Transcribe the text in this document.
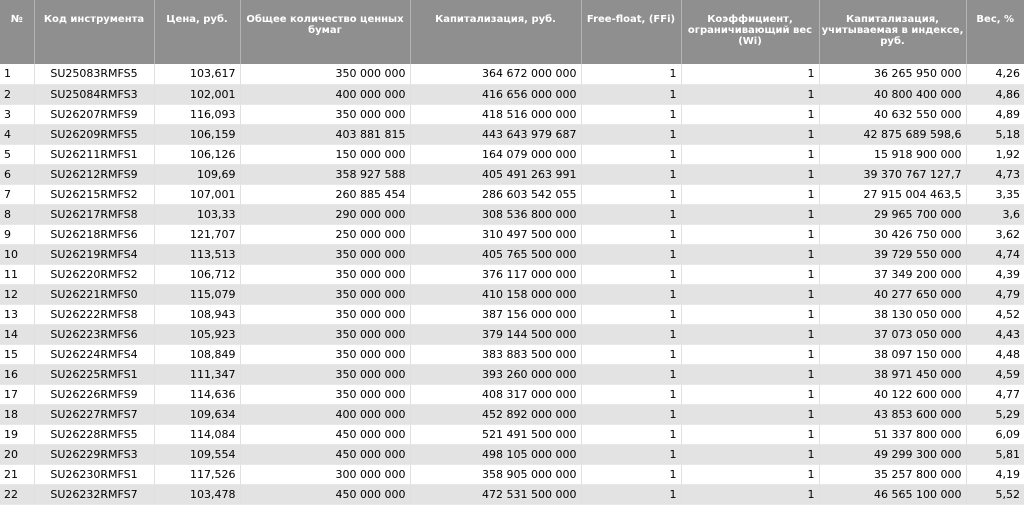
№	Код инструмента	Цена, руб.	Общее количество ценных бумаг	Капитализация, руб.	Free-float, (FFi)	Коэффициент, ограничивающий вес (Wi)	Капитализация, учитываемая в индексе, руб.	Вес, %
1	SU25083RMFS5	103,617	350 000 000	364 672 000 000	1	1	36 265 950 000	4,26
2	SU25084RMFS3	102,001	400 000 000	416 656 000 000	1	1	40 800 400 000	4,86
3	SU26207RMFS9	116,093	350 000 000	418 516 000 000	1	1	40 632 550 000	4,89
4	SU26209RMFS5	106,159	403 881 815	443 643 979 687	1	1	42 875 689 598,6	5,18
5	SU26211RMFS1	106,126	150 000 000	164 079 000 000	1	1	15 918 900 000	1,92
6	SU26212RMFS9	109,69	358 927 588	405 491 263 991	1	1	39 370 767 127,7	4,73
7	SU26215RMFS2	107,001	260 885 454	286 603 542 055	1	1	27 915 004 463,5	3,35
8	SU26217RMFS8	103,33	290 000 000	308 536 800 000	1	1	29 965 700 000	3,6
9	SU26218RMFS6	121,707	250 000 000	310 497 500 000	1	1	30 426 750 000	3,62
10	SU26219RMFS4	113,513	350 000 000	405 765 500 000	1	1	39 729 550 000	4,74
11	SU26220RMFS2	106,712	350 000 000	376 117 000 000	1	1	37 349 200 000	4,39
12	SU26221RMFS0	115,079	350 000 000	410 158 000 000	1	1	40 277 650 000	4,79
13	SU26222RMFS8	108,943	350 000 000	387 156 000 000	1	1	38 130 050 000	4,52
14	SU26223RMFS6	105,923	350 000 000	379 144 500 000	1	1	37 073 050 000	4,43
15	SU26224RMFS4	108,849	350 000 000	383 883 500 000	1	1	38 097 150 000	4,48
16	SU26225RMFS1	111,347	350 000 000	393 260 000 000	1	1	38 971 450 000	4,59
17	SU26226RMFS9	114,636	350 000 000	408 317 000 000	1	1	40 122 600 000	4,77
18	SU26227RMFS7	109,634	400 000 000	452 892 000 000	1	1	43 853 600 000	5,29
19	SU26228RMFS5	114,084	450 000 000	521 491 500 000	1	1	51 337 800 000	6,09
20	SU26229RMFS3	109,554	450 000 000	498 105 000 000	1	1	49 299 300 000	5,81
21	SU26230RMFS1	117,526	300 000 000	358 905 000 000	1	1	35 257 800 000	4,19
22	SU26232RMFS7	103,478	450 000 000	472 531 500 000	1	1	46 565 100 000	5,52
